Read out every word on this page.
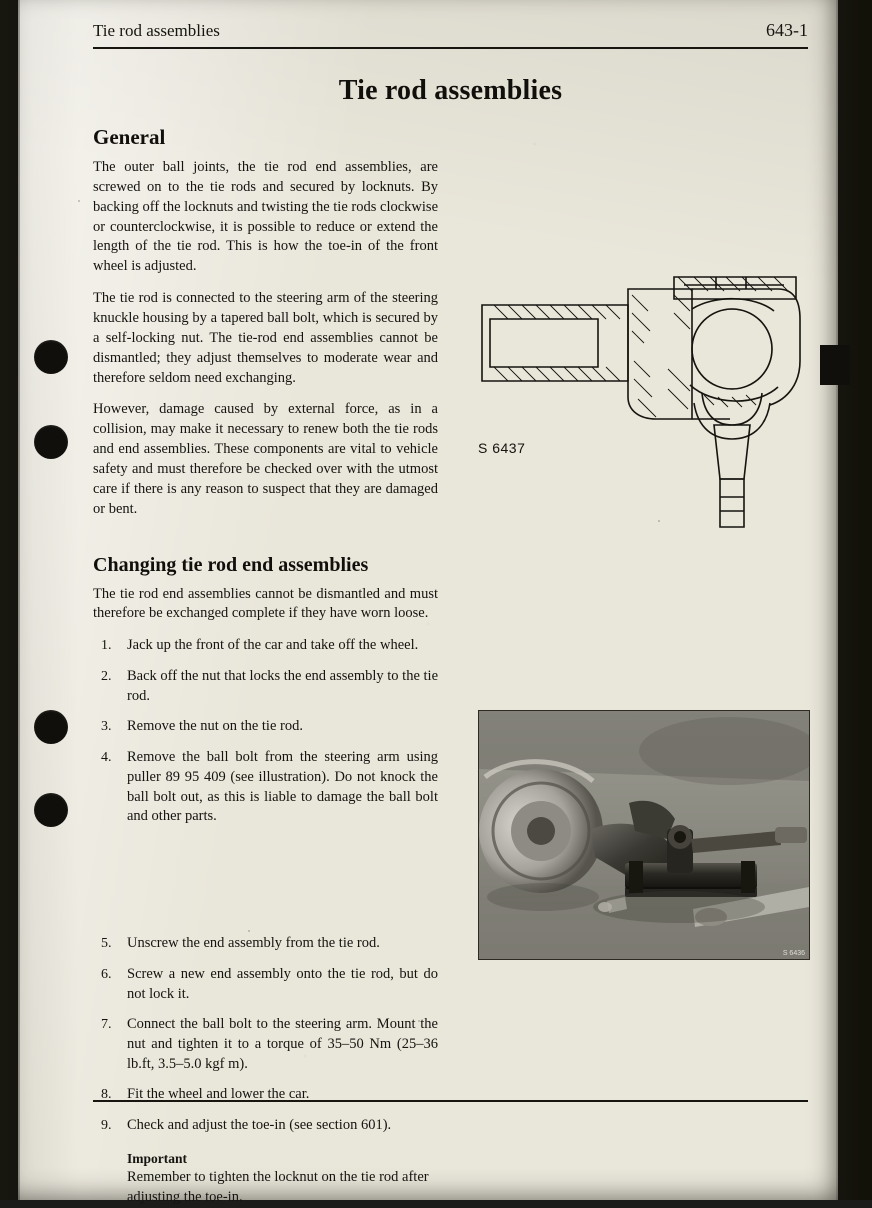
Tie rod assemblies	643-1
Tie rod assemblies
General

The outer ball joints, the tie rod end assemblies, are screwed on to the tie rods and secured by locknuts. By backing off the locknuts and twisting the tie rods clockwise or counterclockwise, it is possible to reduce or extend the length of the tie rod. This is how the toe-in of the front wheel is adjusted.

The tie rod is connected to the steering arm of the steering knuckle housing by a tapered ball bolt, which is secured by a self-locking nut. The tie-rod end assemblies cannot be dismantled; they adjust themselves to moderate wear and therefore seldom need exchanging.

However, damage caused by external force, as in a collision, may make it necessary to renew both the tie rods and end assemblies. These components are vital to vehicle safety and must therefore be checked over with the utmost care if there is any reason to suspect that they are damaged or bent.

Changing tie rod end assemblies

The tie rod end assemblies cannot be dismantled and must therefore be exchanged complete if they have worn loose.

1. Jack up the front of the car and take off the wheel.
2. Back off the nut that locks the end assembly to the tie rod.
3. Remove the nut on the tie rod.
4. Remove the ball bolt from the steering arm using puller 89 95 409 (see illustration). Do not knock the ball bolt out, as this is liable to damage the ball bolt and other parts.
5. Unscrew the end assembly from the tie rod.
6. Screw a new end assembly onto the tie rod, but do not lock it.
7. Connect the ball bolt to the steering arm. Mount the nut and tighten it to a torque of 35–50 Nm (25–36 lb.ft, 3.5–5.0 kgf m).
8. Fit the wheel and lower the car.
9. Check and adjust the toe-in (see section 601).
Important
Remember to tighten the locknut on the tie rod after adjusting the toe-in.
S 6437
S 6436
